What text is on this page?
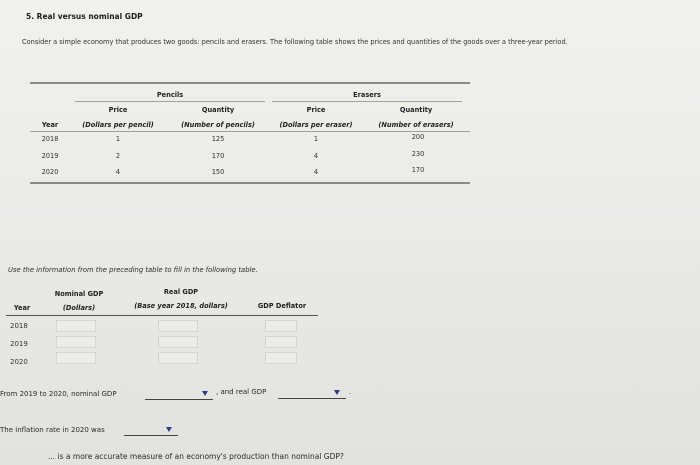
5. Real versus nominal GDP
Consider a simple economy that produces two goods: pencils and erasers. The following table shows the prices and quantities of the goods over a three-year period.
Pencils	Erasers
Price	Quantity	Price	Quantity
Year	(Dollars per pencil)	(Number of pencils)	(Dollars per eraser)	(Number of erasers)
2018	1	125	1	200
2019	2	170	4	230
2020	4	150	4	170
Use the information from the preceding table to fill in the following table.
Nominal GDP	Real GDP
Year	(Dollars)	(Base year 2018, dollars)	GDP Deflator
2018
2019
2020
From 2019 to 2020, nominal GDP	, and real GDP	.
The inflation rate in 2020 was
... is a more accurate measure of an economy's production than nominal GDP?
